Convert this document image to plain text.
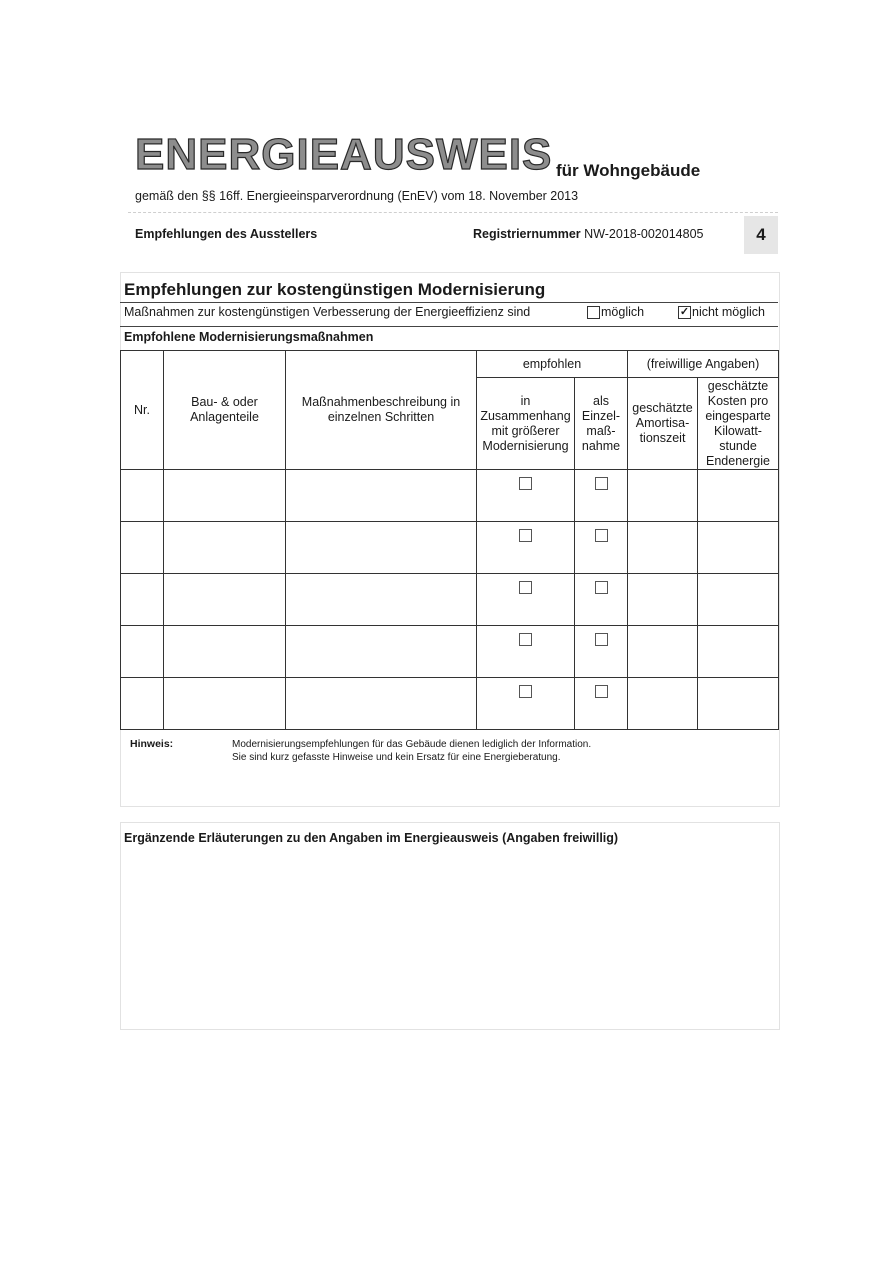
ENERGIEAUSWEIS für Wohngebäude
gemäß den §§ 16ff. Energieeinsparverordnung (EnEV) vom 18. November 2013
Empfehlungen des Ausstellers	Registriernummer NW-2018-002014805	4
Empfehlungen zur kostengünstigen Modernisierung
Maßnahmen zur kostengünstigen Verbesserung der Energieeffizienz sind	möglich	✓ nicht möglich
Empfohlene Modernisierungsmaßnahmen
Nr.	Bau- & oder Anlagenteile	Maßnahmenbeschreibung in einzelnen Schritten	empfohlen		(freiwillige Angaben)	
			in Zusammenhang mit größerer Modernisierung	als Einzel- maß- nahme	geschätzte Amortisa- tionszeit	geschätzte Kosten pro eingesparte Kilowatt- stunde Endenergie

Hinweis:	Modernisierungsempfehlungen für das Gebäude dienen lediglich der Information.
Sie sind kurz gefasste Hinweise und kein Ersatz für eine Energieberatung.
Ergänzende Erläuterungen zu den Angaben im Energieausweis (Angaben freiwillig)
